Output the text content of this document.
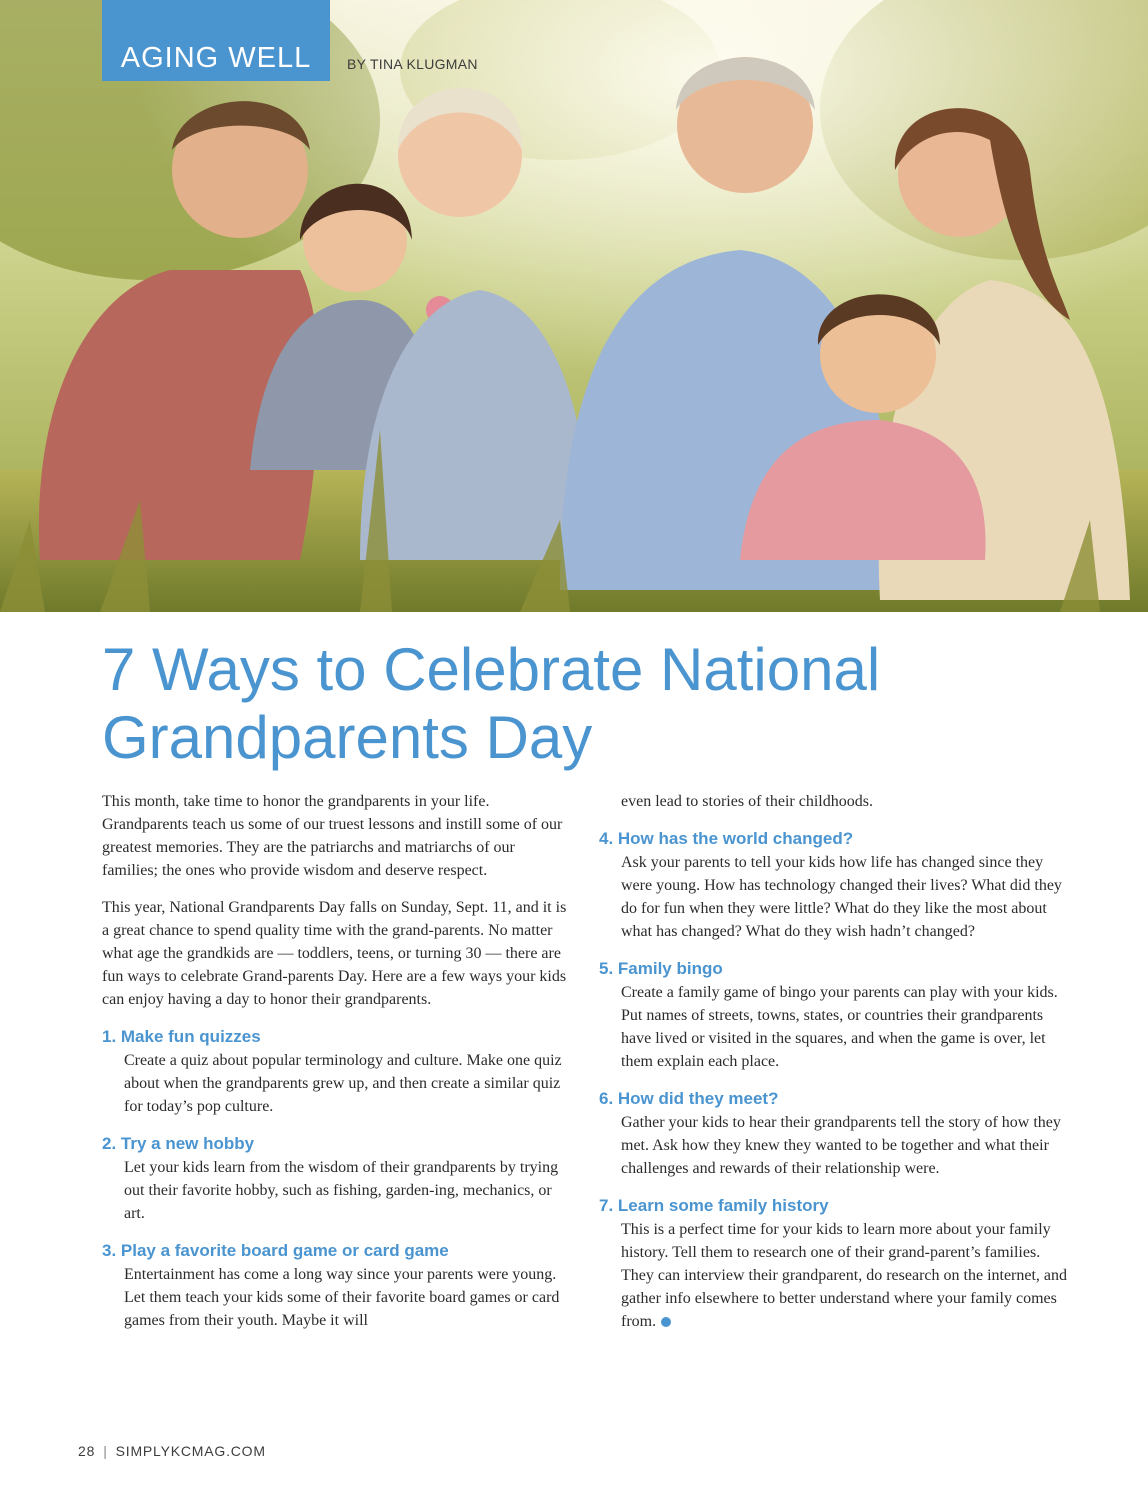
AGING WELL	BY TINA KLUGMAN
7 Ways to Celebrate National
Grandparents Day

This month, take time to honor the grandparents in your life. Grandparents teach us some of our truest lessons and instill some of our greatest memories. They are the patriarchs and matriarchs of our families; the ones who provide wisdom and deserve respect.

This year, National Grandparents Day falls on Sunday, Sept. 11, and it is a great chance to spend quality time with the grand-parents. No matter what age the grandkids are — toddlers, teens, or turning 30 — there are fun ways to celebrate Grand-parents Day. Here are a few ways your kids can enjoy having a day to honor their grandparents.

1. Make fun quizzes
Create a quiz about popular terminology and culture. Make one quiz about when the grandparents grew up, and then create a similar quiz for today’s pop culture.
2. Try a new hobby
Let your kids learn from the wisdom of their grandparents by trying out their favorite hobby, such as fishing, garden-ing, mechanics, or art.
3. Play a favorite board game or card game
Entertainment has come a long way since your parents were young. Let them teach your kids some of their favorite board games or card games from their youth. Maybe it will
even lead to stories of their childhoods.
4. How has the world changed?
Ask your parents to tell your kids how life has changed since they were young. How has technology changed their lives? What did they do for fun when they were little? What do they like the most about what has changed? What do they wish hadn’t changed?
5. Family bingo
Create a family game of bingo your parents can play with your kids. Put names of streets, towns, states, or countries their grandparents have lived or visited in the squares, and when the game is over, let them explain each place.
6. How did they meet?
Gather your kids to hear their grandparents tell the story of how they met. Ask how they knew they wanted to be together and what their challenges and rewards of their relationship were.
7. Learn some family history
This is a perfect time for your kids to learn more about your family history. Tell them to research one of their grand-parent’s families. They can interview their grandparent, do research on the internet, and gather info elsewhere to better understand where your family comes from.
28 | SIMPLYKCMAG.COM
